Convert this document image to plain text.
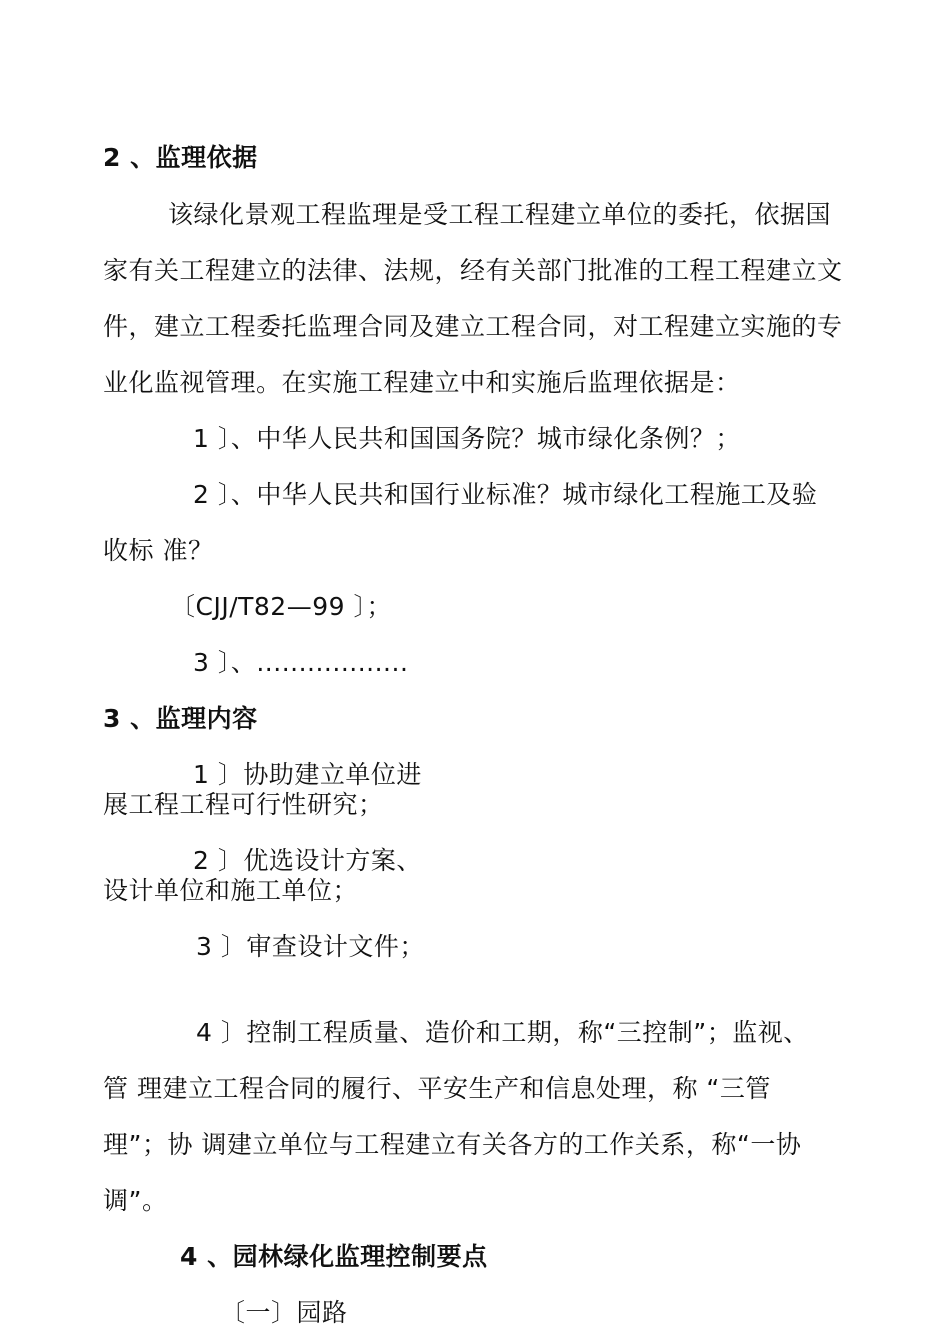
2 、监理依据
该绿化景观工程监理是受工程工程建立单位的委托，依据国
家有关工程建立的法律、法规，经有关部门批准的工程工程建立文
件，建立工程委托监理合同及建立工程合同，对工程建立实施的专
业化监视管理。在实施工程建立中和实施后监理依据是：
1 〕、中华人民共和国国务院？城市绿化条例？；
2 〕、中华人民共和国行业标准？城市绿化工程施工及验
收标 准？
〔CJJ/T82—99 〕；
3 〕、..................
3 、监理内容
1 〕协助建立单位进
展工程工程可行性研究；
2 〕优选设计方案、
设计单位和施工单位；
3 〕审查设计文件；
4 〕控制工程质量、造价和工期，称“三控制”；监视、
管 理建立工程合同的履行、平安生产和信息处理，称 “三管
理”；协 调建立单位与工程建立有关各方的工作关系，称“一协
调”。
4 、园林绿化监理控制要点
〔一〕园路
